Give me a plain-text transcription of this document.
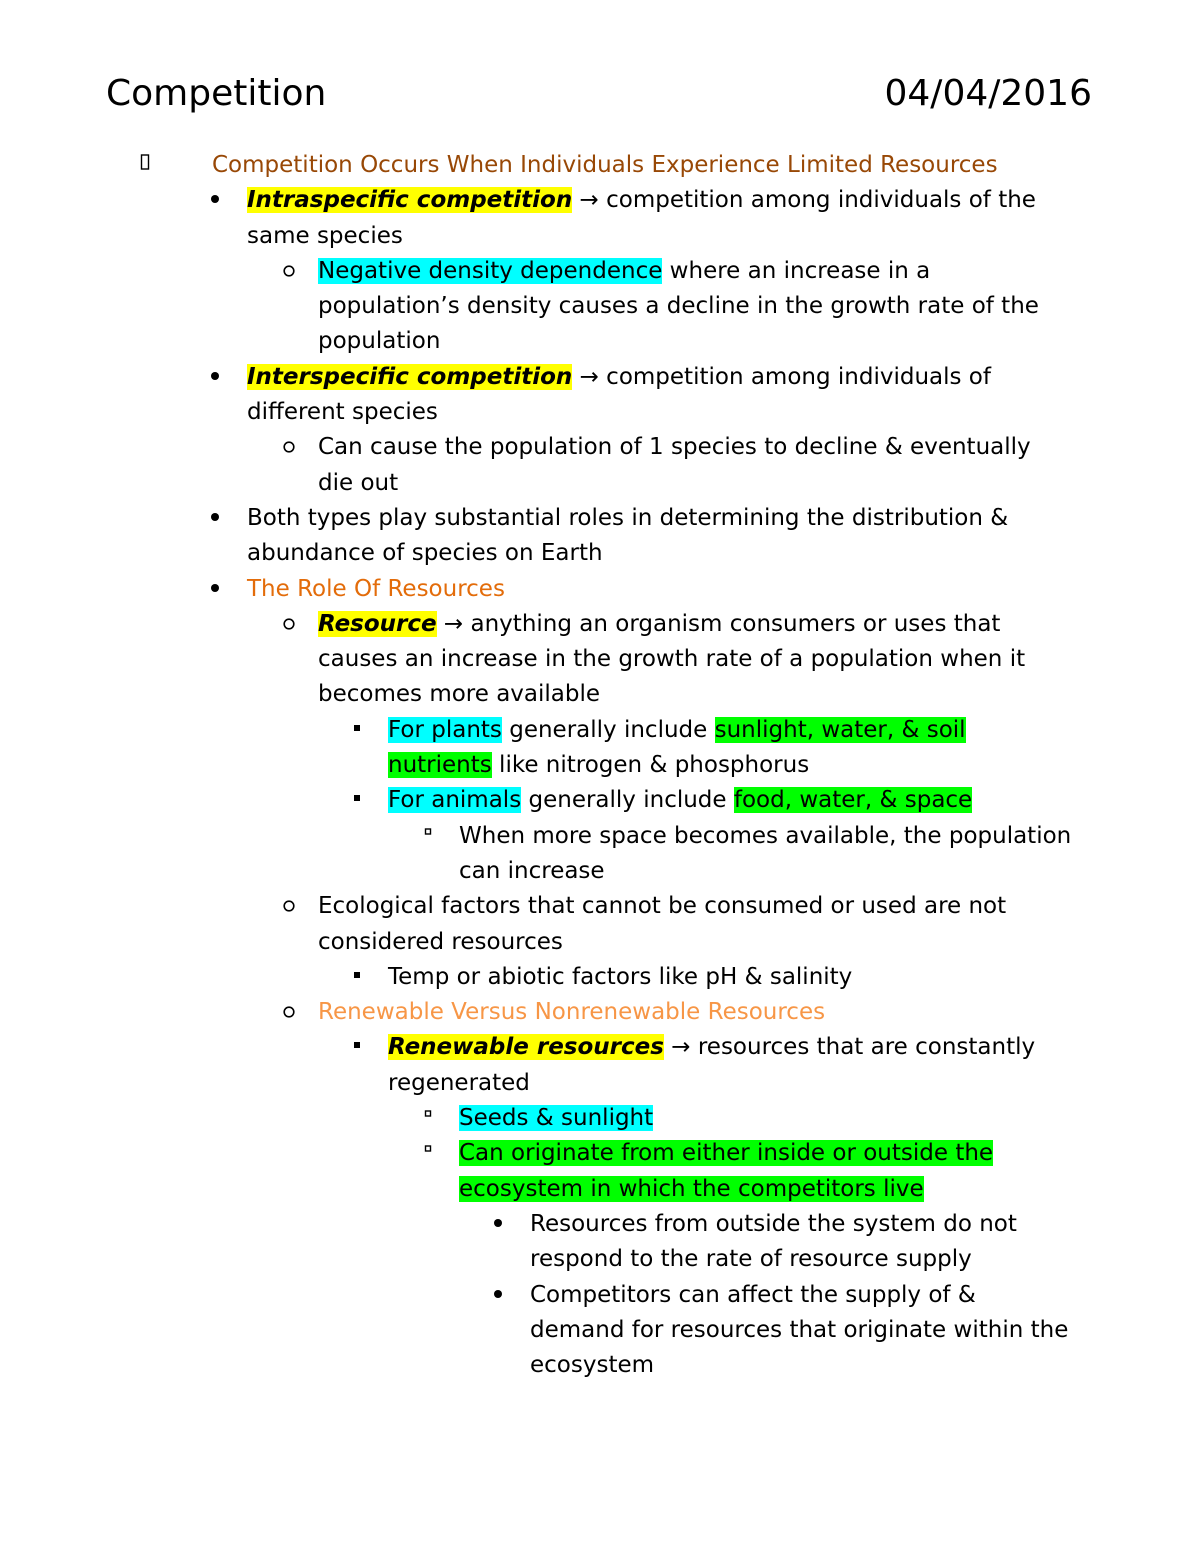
Competition	04/04/2016
Competition Occurs When Individuals Experience Limited Resources
Intraspecific competition → competition among individuals of the same species
Negative density dependence where an increase in a population’s density causes a decline in the growth rate of the population
Interspecific competition → competition among individuals of different species
Can cause the population of 1 species to decline & eventually die out
Both types play substantial roles in determining the distribution & abundance of species on Earth
The Role Of Resources
Resource → anything an organism consumers or uses that causes an increase in the growth rate of a population when it becomes more available
For plants generally include sunlight, water, & soil nutrients like nitrogen & phosphorus
For animals generally include food, water, & space
When more space becomes available, the population can increase
Ecological factors that cannot be consumed or used are not considered resources
Temp or abiotic factors like pH & salinity
Renewable Versus Nonrenewable Resources
Renewable resources → resources that are constantly regenerated
Seeds & sunlight
Can originate from either inside or outside the ecosystem in which the competitors live
Resources from outside the system do not respond to the rate of resource supply
Competitors can affect the supply of & demand for resources that originate within the ecosystem
